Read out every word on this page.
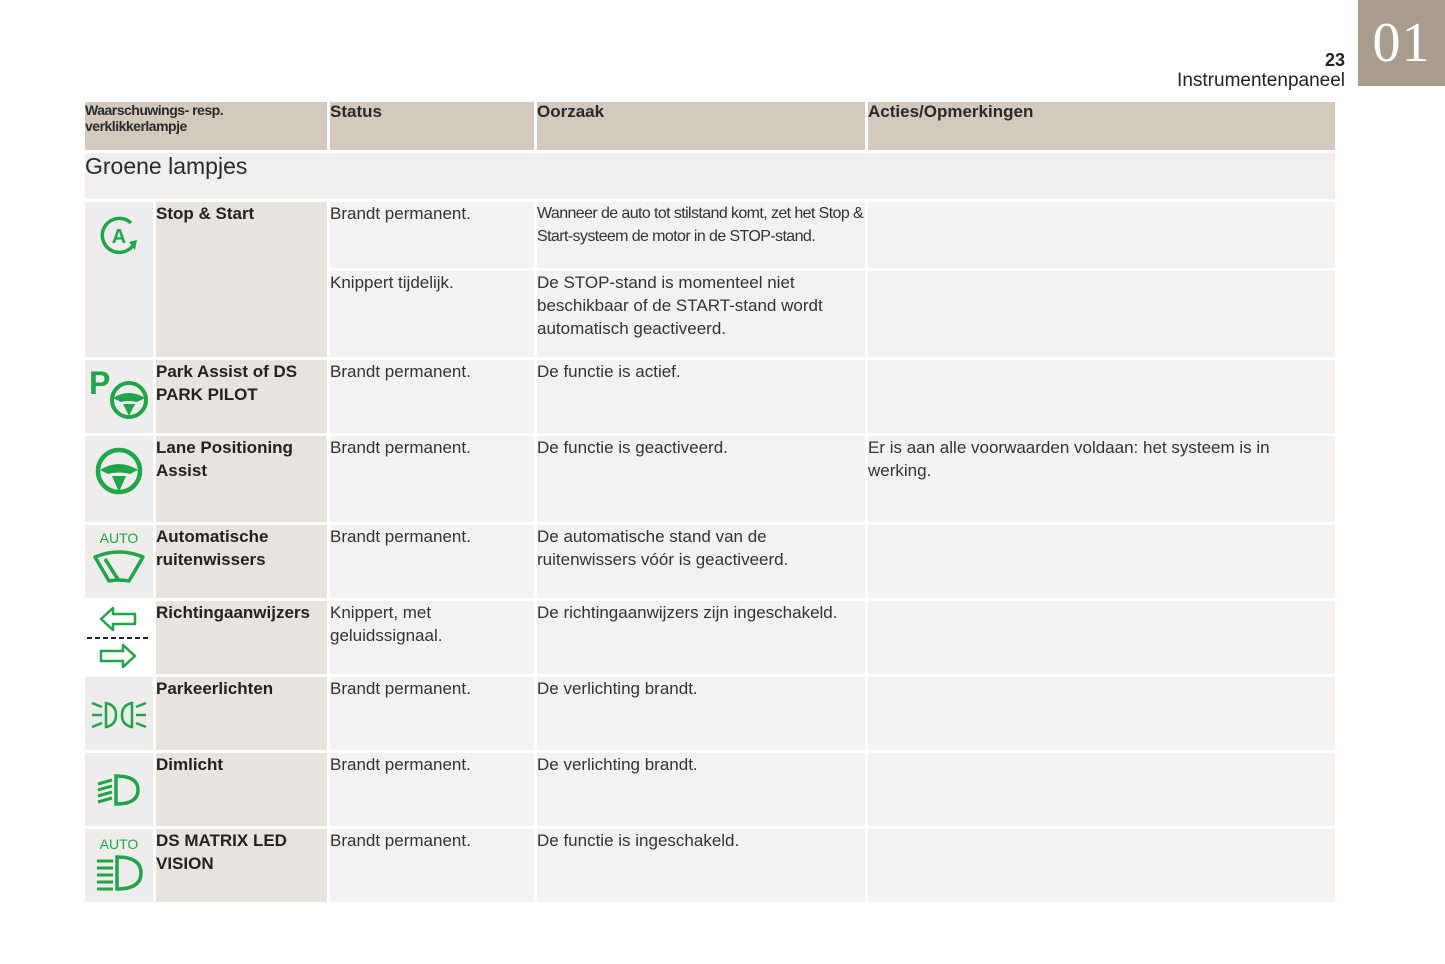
01
23
Instrumentenpaneel
Waarschuwings- resp. verklikkerlampje		Status	Oorzaak	Acties/Opmerkingen
Groene lampjes				

A	Stop & Start	Brandt permanent.	Wanneer de auto tot stilstand komt, zet het Stop & Start-systeem de motor in de STOP-stand.	
		Knippert tijdelijk.	De STOP-stand is momenteel niet beschikbaar of de START-stand wordt automatisch geactiveerd.	

P	Park Assist of DS PARK PILOT	Brandt permanent.	De functie is actief.	

	Lane Positioning Assist	Brandt permanent.	De functie is geactiveerd.	Er is aan alle voorwaarden voldaan: het systeem is in werking.

AUTO	Automatische ruitenwissers	Brandt permanent.	De automatische stand van de ruitenwissers vóór is geactiveerd.	

	Richtingaanwijzers	Knippert, met geluidssignaal.	De richtingaanwijzers zijn ingeschakeld.	

	Parkeerlichten	Brandt permanent.	De verlichting brandt.	

	Dimlicht	Brandt permanent.	De verlichting brandt.	

AUTO	DS MATRIX LED VISION	Brandt permanent.	De functie is ingeschakeld.	
